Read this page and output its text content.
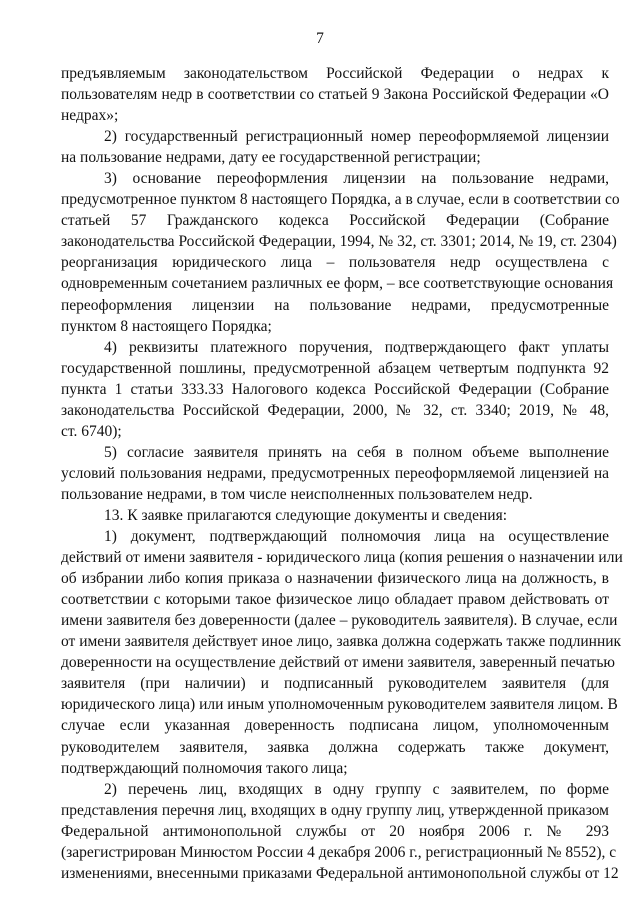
7
предъявляемым законодательством Российской Федерации о недрах к
пользователям недр в соответствии со статьей 9 Закона Российской Федерации «О
недрах»;
2) государственный регистрационный номер переоформляемой лицензии
на пользование недрами, дату ее государственной регистрации;
3) основание переоформления лицензии на пользование недрами,
предусмотренное пунктом 8 настоящего Порядка, а в случае, если в соответствии со
статьей 57 Гражданского кодекса Российской Федерации (Собрание
законодательства Российской Федерации, 1994, № 32, ст. 3301; 2014, № 19, ст. 2304)
реорганизация юридического лица – пользователя недр осуществлена с
одновременным сочетанием различных ее форм, – все соответствующие основания
переоформления лицензии на пользование недрами, предусмотренные
пунктом 8 настоящего Порядка;
4) реквизиты платежного поручения, подтверждающего факт уплаты
государственной пошлины, предусмотренной абзацем четвертым подпункта 92
пункта 1 статьи 333.33 Налогового кодекса Российской Федерации (Собрание
законодательства Российской Федерации, 2000, № 32, ст. 3340; 2019, № 48,
ст. 6740);
5) согласие заявителя принять на себя в полном объеме выполнение
условий пользования недрами, предусмотренных переоформляемой лицензией на
пользование недрами, в том числе неисполненных пользователем недр.
13. К заявке прилагаются следующие документы и сведения:
1) документ, подтверждающий полномочия лица на осуществление
действий от имени заявителя - юридического лица (копия решения о назначении или
об избрании либо копия приказа о назначении физического лица на должность, в
соответствии с которыми такое физическое лицо обладает правом действовать от
имени заявителя без доверенности (далее – руководитель заявителя). В случае, если
от имени заявителя действует иное лицо, заявка должна содержать также подлинник
доверенности на осуществление действий от имени заявителя, заверенный печатью
заявителя (при наличии) и подписанный руководителем заявителя (для
юридического лица) или иным уполномоченным руководителем заявителя лицом. В
случае если указанная доверенность подписана лицом, уполномоченным
руководителем заявителя, заявка должна содержать также документ,
подтверждающий полномочия такого лица;
2) перечень лиц, входящих в одну группу с заявителем, по форме
представления перечня лиц, входящих в одну группу лиц, утвержденной приказом
Федеральной антимонопольной службы от 20 ноября 2006 г. № 293
(зарегистрирован Минюстом России 4 декабря 2006 г., регистрационный № 8552), с
изменениями, внесенными приказами Федеральной антимонопольной службы от 12
